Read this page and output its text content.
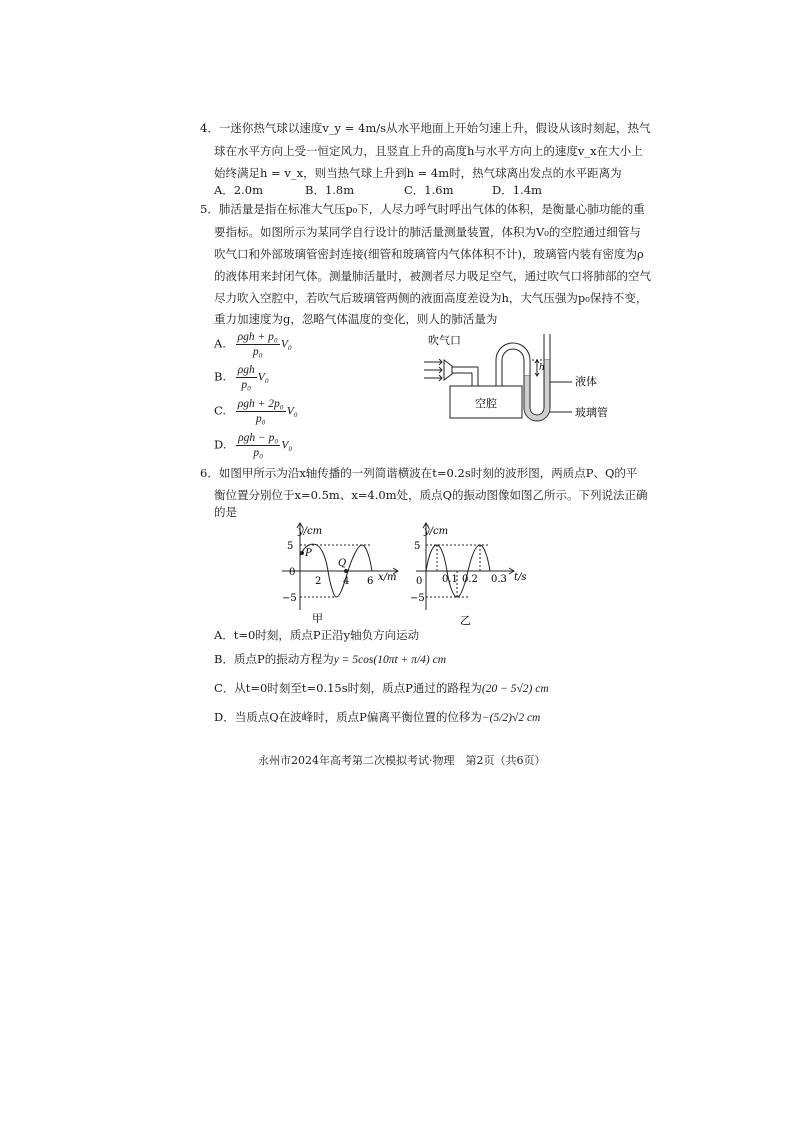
4．一迷你热气球以速度v_y = 4m/s从水平地面上开始匀速上升，假设从该时刻起，热气
球在水平方向上受一恒定风力，且竖直上升的高度h与水平方向上的速度v_x在大小上
始终满足h = v_x，则当热气球上升到h = 4m时，热气球离出发点的水平距离为
A．2.0m	B．1.8m	C．1.6m	D．1.4m
5．肺活量是指在标准大气压p₀下，人尽力呼气时呼出气体的体积，是衡量心肺功能的重
要指标。如图所示为某同学自行设计的肺活量测量装置，体积为V₀的空腔通过细管与
吹气口和外部玻璃管密封连接(细管和玻璃管内气体体积不计)，玻璃管内装有密度为ρ
的液体用来封闭气体。测量肺活量时，被测者尽力吸足空气，通过吹气口将肺部的空气
尽力吹入空腔中，若吹气后玻璃管两侧的液面高度差设为h，大气压强为p₀保持不变，
重力加速度为g，忽略气体温度的变化，则人的肺活量为
A. $\frac{\text{ρgh + p₀}}{\text{p₀}} V_0$
B. $\frac{\text{ρgh}}{\text{p₀}} V_0$
C. $\frac{\text{ρgh + 2p₀}}{\text{p₀}} V_0$
D. $\frac{\text{ρgh − p₀}}{\text{p₀}} V_0$
吹气口
h
液体
空腔
玻璃管
6．如图甲所示为沿x轴传播的一列简谐横波在t=0.2s时刻的波形图，两质点P、Q的平
衡位置分别位于x=0.5m、x=4.0m处，质点Q的振动图像如图乙所示。下列说法正确
的是
y/cm
5
0
−5
P
Q
2 4 6 x/m
甲
y/cm
5
0
−5
0.1 0.2 0.3 t/s
乙
A．t=0时刻，质点P正沿y轴负方向运动
B．质点P的振动方程为y = 5cos(10πt + π/4) cm
C．从t=0时刻至t=0.15s时刻，质点P通过的路程为(20 − 5√2) cm
D．当质点Q在波峰时，质点P偏离平衡位置的位移为−(5/2)√2 cm
永州市2024年高考第二次模拟考试·物理　第2页（共6页）
